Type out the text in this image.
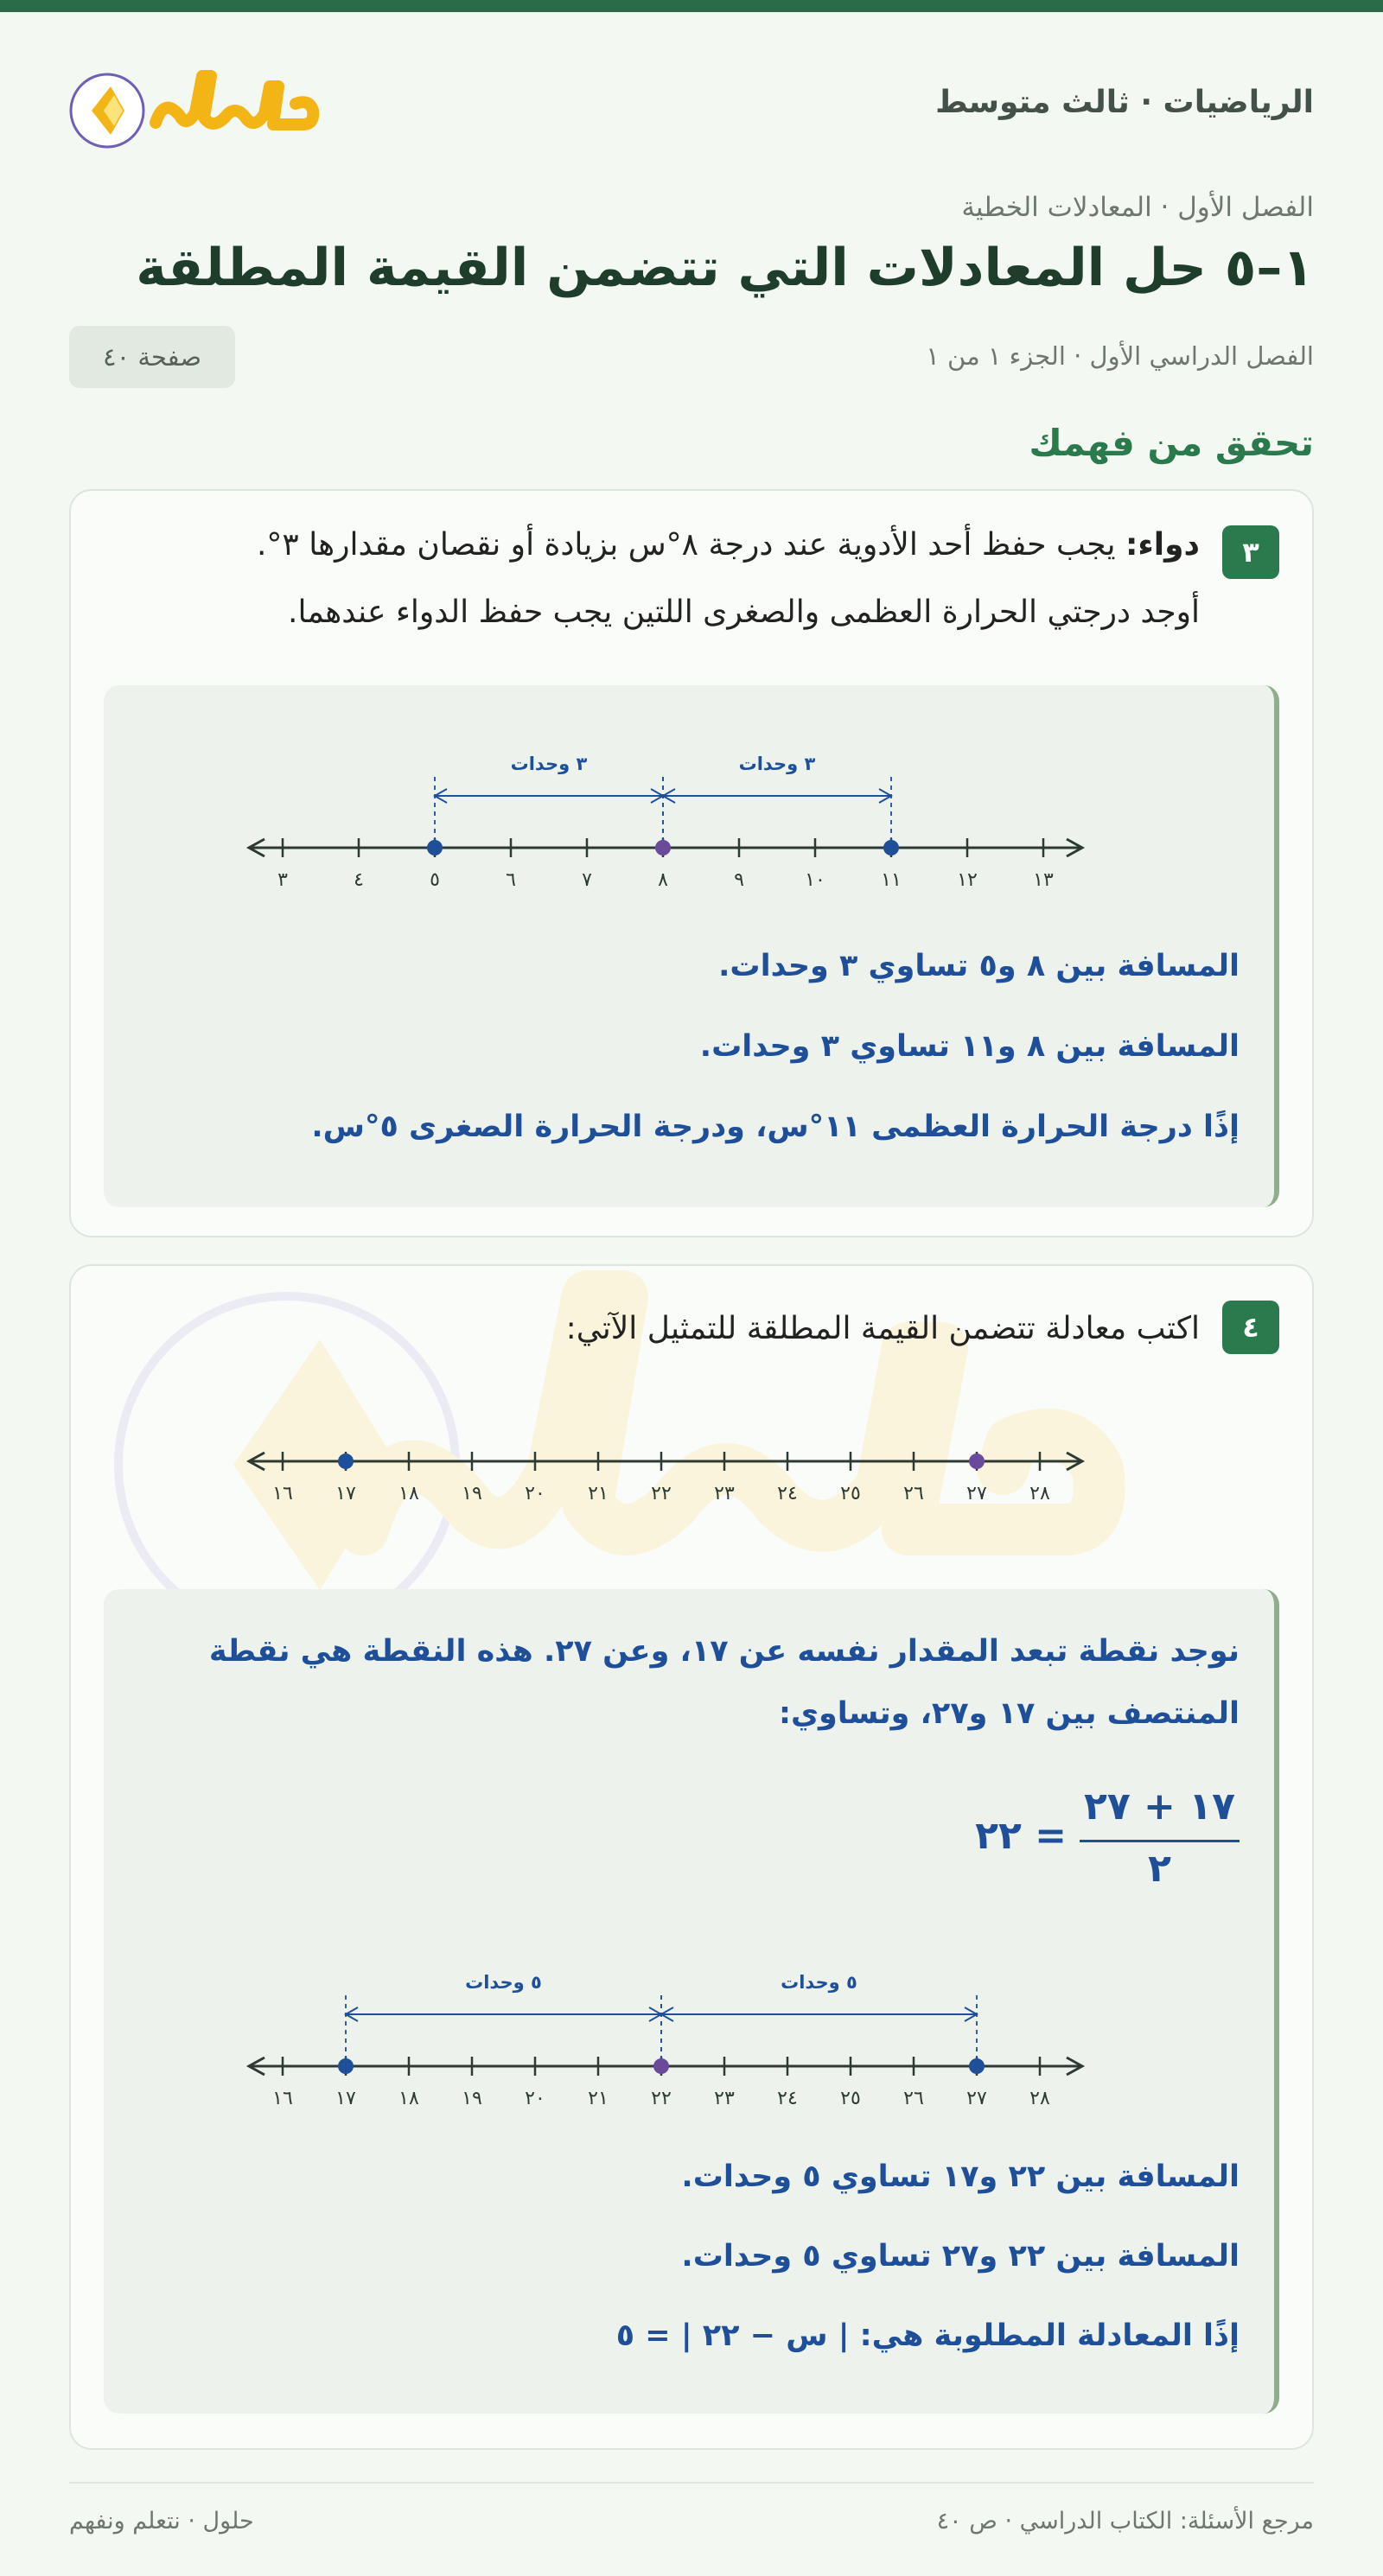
الرياضيات · ثالث متوسط
الفصل الأول · المعادلات الخطية
١–٥ حل المعادلات التي تتضمن القيمة المطلقة
الفصل الدراسي الأول · الجزء ١ من ١
صفحة ٤٠
تحقق من فهمك
٣
دواء: يجب حفظ أحد الأدوية عند درجة ٨°س بزيادة أو نقصان مقدارها ٣°.
أوجد درجتي الحرارة العظمى والصغرى اللتين يجب حفظ الدواء عندهما.
٣	٤	٥	٦	٧	٨	٩	١٠	١١	١٢	١٣
٣ وحدات	٣ وحدات
المسافة بين ٨ و٥ تساوي ٣ وحدات.
المسافة بين ٨ و١١ تساوي ٣ وحدات.
إذًا درجة الحرارة العظمى ١١°س، ودرجة الحرارة الصغرى ٥°س.
٤
اكتب معادلة تتضمن القيمة المطلقة للتمثيل الآتي:
١٦ ١٧ ١٨ ١٩ ٢٠ ٢١ ٢٢ ٢٣ ٢٤ ٢٥ ٢٦ ٢٧ ٢٨
نوجد نقطة تبعد المقدار نفسه عن ١٧، وعن ٢٧. هذه النقطة هي نقطة
المنتصف بين ١٧ و٢٧، وتساوي:
١٧ + ٢٧
٢
= ٢٢
١٦ ١٧ ١٨ ١٩ ٢٠ ٢١ ٢٢ ٢٣ ٢٤ ٢٥ ٢٦ ٢٧ ٢٨
٥ وحدات	٥ وحدات
المسافة بين ٢٢ و١٧ تساوي ٥ وحدات.
المسافة بين ٢٢ و٢٧ تساوي ٥ وحدات.
إذًا المعادلة المطلوبة هي: | س − ٢٢ | = ٥
مرجع الأسئلة: الكتاب الدراسي · ص ٤٠
حلول · نتعلم ونفهم
